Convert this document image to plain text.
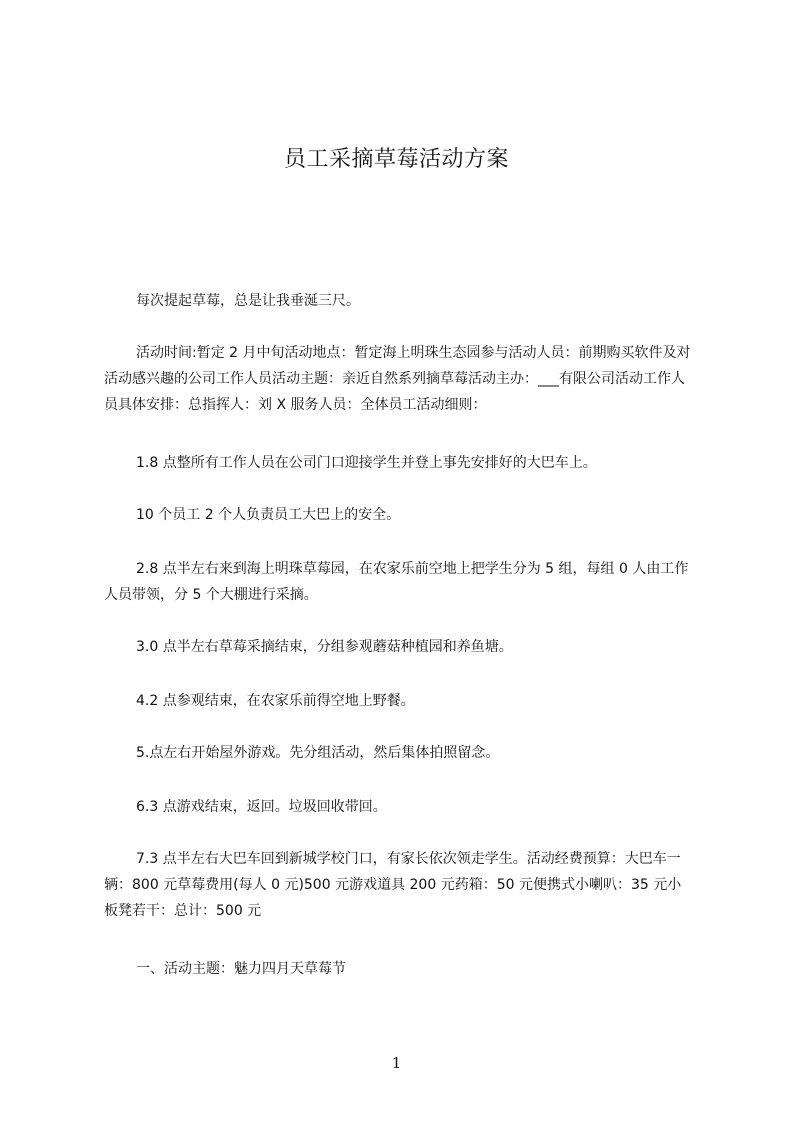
员工采摘草莓活动方案

每次提起草莓，总是让我垂涎三尺。

活动时间:暂定 2 月中旬活动地点：暂定海上明珠生态园参与活动人员：前期购买软件及对活动感兴趣的公司工作人员活动主题：亲近自然系列摘草莓活动主办：___有限公司活动工作人员具体安排：总指挥人：刘 X 服务人员：全体员工活动细则：

1.8 点整所有工作人员在公司门口迎接学生并登上事先安排好的大巴车上。

10 个员工 2 个人负责员工大巴上的安全。

2.8 点半左右来到海上明珠草莓园，在农家乐前空地上把学生分为 5 组，每组 0 人由工作人员带领，分 5 个大棚进行采摘。

3.0 点半左右草莓采摘结束，分组参观蘑菇种植园和养鱼塘。

4.2 点参观结束，在农家乐前得空地上野餐。

5.点左右开始屋外游戏。先分组活动，然后集体拍照留念。

6.3 点游戏结束，返回。垃圾回收带回。

7.3 点半左右大巴车回到新城学校门口，有家长依次领走学生。活动经费预算：大巴车一辆：800 元草莓费用(每人 0 元)500 元游戏道具 200 元药箱：50 元便携式小喇叭：35 元小板凳若干：总计：500 元

一、活动主题：魅力四月天草莓节

1
